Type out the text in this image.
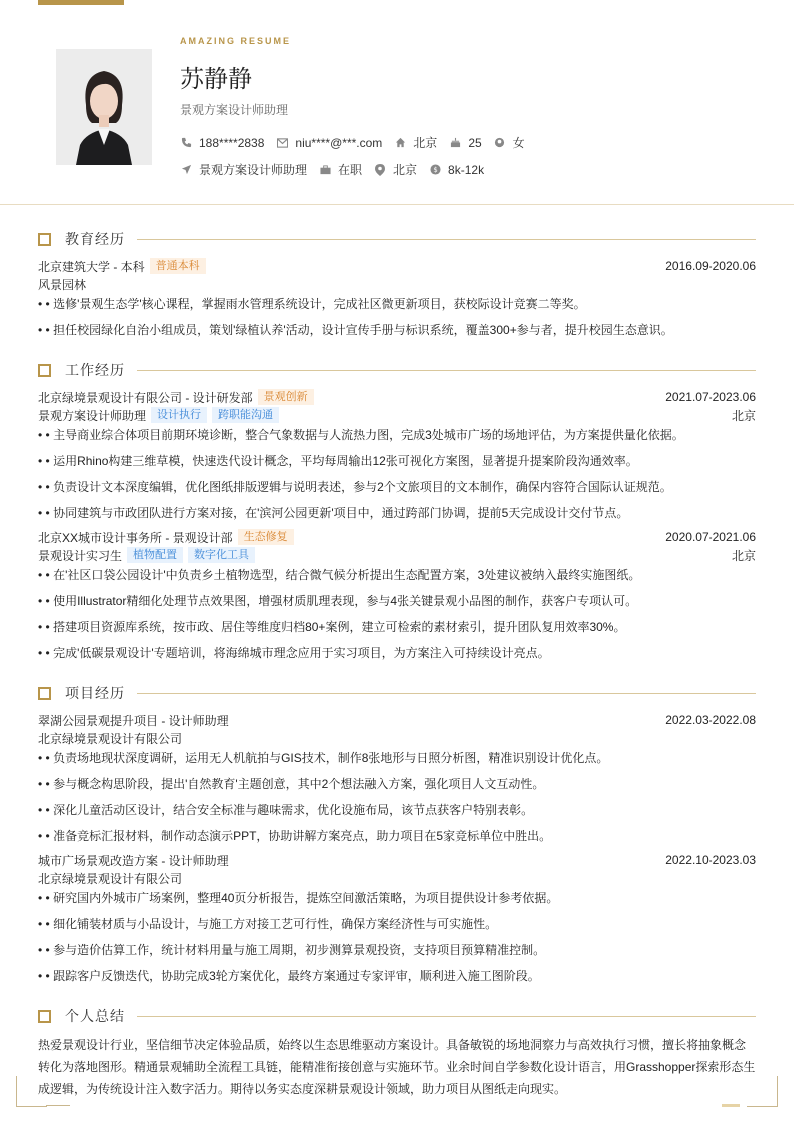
AMAZING RESUME
苏静静
景观方案设计师助理
188****2838	niu****@***.com	北京	25	女
景观方案设计师助理	在职	北京 $ 8k-12k
教育经历
北京建筑大学 - 本科	普通本科	2016.09-2020.06
风景园林
• • 选修'景观生态学'核心课程，掌握雨水管理系统设计，完成社区微更新项目，获校际设计竞赛二等奖。
• • 担任校园绿化自治小组成员，策划'绿植认养'活动，设计宣传手册与标识系统，覆盖300+参与者，提升校园生态意识。
工作经历
北京绿境景观设计有限公司 - 设计研发部	景观创新	2021.07-2023.06
景观方案设计师助理	设计执行	跨职能沟通	北京
• • 主导商业综合体项目前期环境诊断，整合气象数据与人流热力图，完成3处城市广场的场地评估，为方案提供量化依据。
• • 运用Rhino构建三维草模，快速迭代设计概念，平均每周输出12张可视化方案图，显著提升提案阶段沟通效率。
• • 负责设计文本深度编辑，优化图纸排版逻辑与说明表述，参与2个文旅项目的文本制作，确保内容符合国际认证规范。
• • 协同建筑与市政团队进行方案对接，在'滨河公园更新'项目中，通过跨部门协调，提前5天完成设计交付节点。
北京XX城市设计事务所 - 景观设计部	生态修复	2020.07-2021.06
景观设计实习生	植物配置	数字化工具	北京
• • 在'社区口袋公园设计'中负责乡土植物选型，结合微气候分析提出生态配置方案，3处建议被纳入最终实施图纸。
• • 使用Illustrator精细化处理节点效果图，增强材质肌理表现，参与4张关键景观小品图的制作，获客户专项认可。
• • 搭建项目资源库系统，按市政、居住等维度归档80+案例，建立可检索的素材索引，提升团队复用效率30%。
• • 完成'低碳景观设计'专题培训，将海绵城市理念应用于实习项目，为方案注入可持续设计亮点。
项目经历
翠湖公园景观提升项目 - 设计师助理	2022.03-2022.08
北京绿境景观设计有限公司
• • 负责场地现状深度调研，运用无人机航拍与GIS技术，制作8张地形与日照分析图，精准识别设计优化点。
• • 参与概念构思阶段，提出'自然教育'主题创意，其中2个想法融入方案，强化项目人文互动性。
• • 深化儿童活动区设计，结合安全标准与趣味需求，优化设施布局，该节点获客户特别表彰。
• • 准备竞标汇报材料，制作动态演示PPT，协助讲解方案亮点，助力项目在5家竞标单位中胜出。
城市广场景观改造方案 - 设计师助理	2022.10-2023.03
北京绿境景观设计有限公司
• • 研究国内外城市广场案例，整理40页分析报告，提炼空间激活策略，为项目提供设计参考依据。
• • 细化铺装材质与小品设计，与施工方对接工艺可行性，确保方案经济性与可实施性。
• • 参与造价估算工作，统计材料用量与施工周期，初步测算景观投资，支持项目预算精准控制。
• • 跟踪客户反馈迭代，协助完成3轮方案优化，最终方案通过专家评审，顺利进入施工图阶段。
个人总结
热爱景观设计行业，坚信细节决定体验品质，始终以生态思维驱动方案设计。具备敏锐的场地洞察力与高效执行习惯，擅长将抽象概念转化为落地图形。精通景观辅助全流程工具链，能精准衔接创意与实施环节。业余时间自学参数化设计语言，用Grasshopper探索形态生成逻辑，为传统设计注入数字活力。期待以务实态度深耕景观设计领域，助力项目从图纸走向现实。
